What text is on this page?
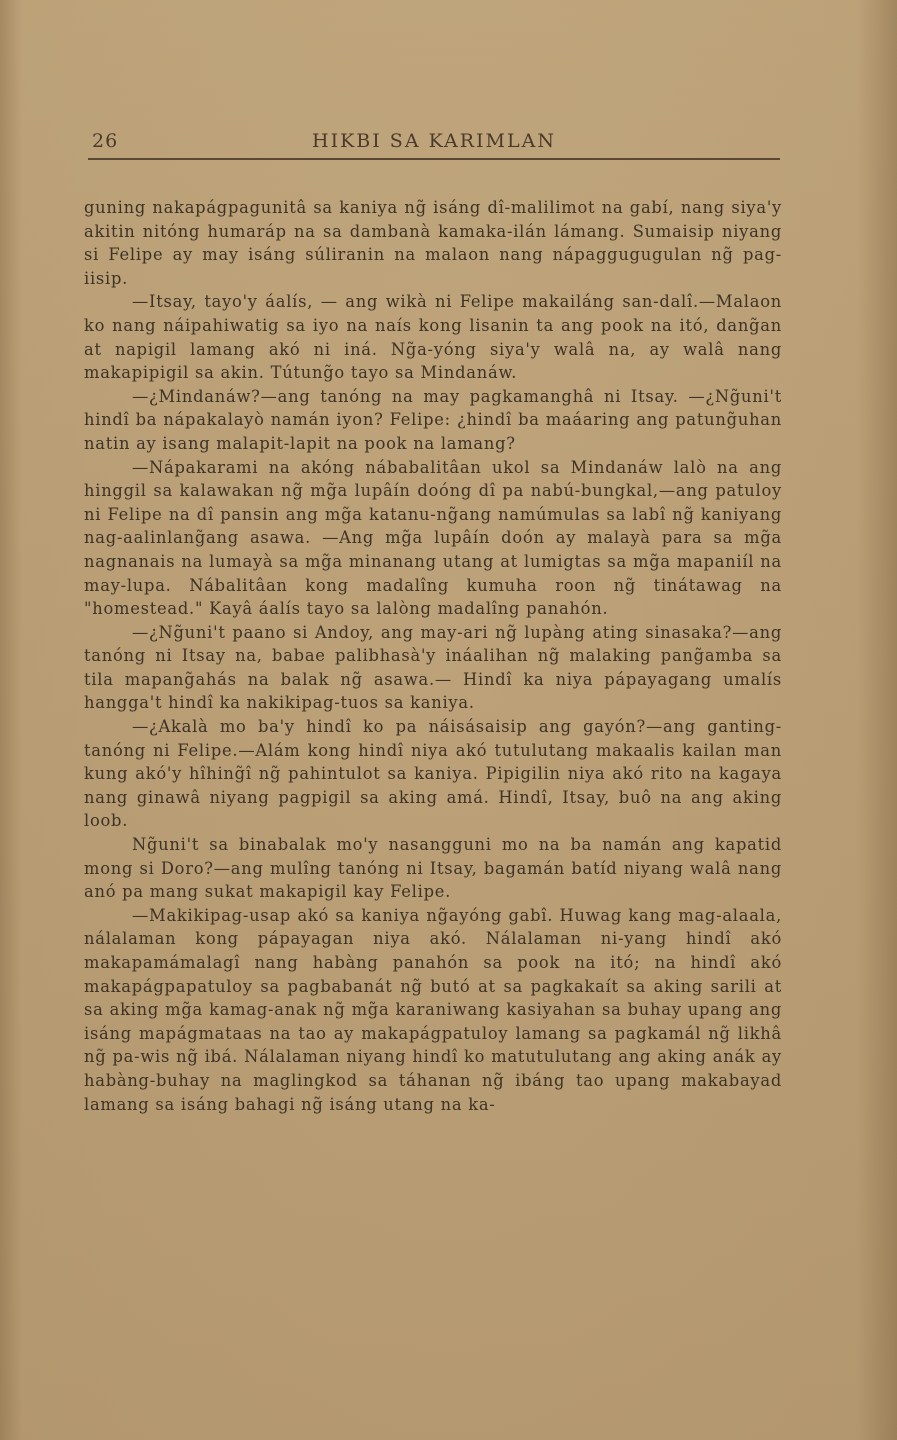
26	HIKBI SA KARIMLAN

guning nakapágpagunitâ sa kaniya ng̃ isáng dî-malilimot na gabí, nang siya'y akitin nitóng humaráp na sa dambanà kamaka-ilán lámang. Sumaisip niyang si Felipe ay may isáng súliranin na malaon nang nápaggugugulan ng̃ pag-iisip.

—Itsay, tayo'y áalís, — ang wikà ni Felipe makailáng san-dalî.—Malaon ko nang náipahiwatig sa iyo na naís kong lisanin ta ang pook na itó, dang̃an at napigil lamang akó ni iná. Ng̃a-yóng siya'y walâ na, ay walâ nang makapipigil sa akin. Tútung̃o tayo sa Mindanáw.

—¿Mindanáw?—ang tanóng na may pagkamanghâ ni Itsay. —¿Ng̃uni't hindî ba nápakalayò namán iyon? Felipe: ¿hindî ba maáaring ang patung̃uhan natin ay isang malapit-lapit na pook na lamang?

—Nápakarami na akóng nábabalitâan ukol sa Mindanáw lalò na ang hinggil sa kalawakan ng̃ mg̃a lupâín doóng dî pa nabú-bungkal,—ang patuloy ni Felipe na dî pansin ang mg̃a katanu-ng̃ang namúmulas sa labî ng̃ kaniyang nag-aalinlang̃ang asawa. —Ang mg̃a lupâín doón ay malayà para sa mg̃a nagnanais na lumayà sa mg̃a minanang utang at lumigtas sa mg̃a mapaniíl na may-lupa. Nábalitâan kong madalîng kumuha roon ng̃ tinátawag na "homestead." Kayâ áalís tayo sa lalòng madalîng panahón.

—¿Ng̃uni't paano si Andoy, ang may-ari ng̃ lupàng ating sinasaka?—ang tanóng ni Itsay na, babae palibhasà'y ináalihan ng̃ malaking pang̃amba sa tila mapang̃ahás na balak ng̃ asawa.— Hindî ka niya pápayagang umalís hangga't hindî ka nakikipag-tuos sa kaniya.

—¿Akalà mo ba'y hindî ko pa náisásaisip ang gayón?—ang ganting-tanóng ni Felipe.—Alám kong hindî niya akó tutulutang makaalis kailan man kung akó'y hîhing̃î ng̃ pahintulot sa kaniya. Pipigilin niya akó rito na kagaya nang ginawâ niyang pagpigil sa aking amá. Hindî, Itsay, buô na ang aking loob.

Ng̃uni't sa binabalak mo'y nasangguni mo na ba namán ang kapatid mong si Doro?—ang mulîng tanóng ni Itsay, bagamán batíd niyang walâ nang anó pa mang sukat makapigil kay Felipe.

—Makikipag-usap akó sa kaniya ng̃ayóng gabî. Huwag kang mag-alaala, nálalaman kong pápayagan niya akó. Nálalaman ni-yang hindî akó makapamámalagî nang habàng panahón sa pook na itó; na hindî akó makapágpapatuloy sa pagbabanát ng̃ butó at sa pagkakaít sa aking sarili at sa aking mg̃a kamag-anak ng̃ mg̃a karaniwang kasiyahan sa buhay upang ang isáng mapágmataas na tao ay makapágpatuloy lamang sa pagkamál ng̃ likhâ ng̃ pa-wis ng̃ ibá. Nálalaman niyang hindî ko matutulutang ang aking anák ay habàng-buhay na maglingkod sa táhanan ng̃ ibáng tao upang makabayad lamang sa isáng bahagi ng̃ isáng utang na ka-
